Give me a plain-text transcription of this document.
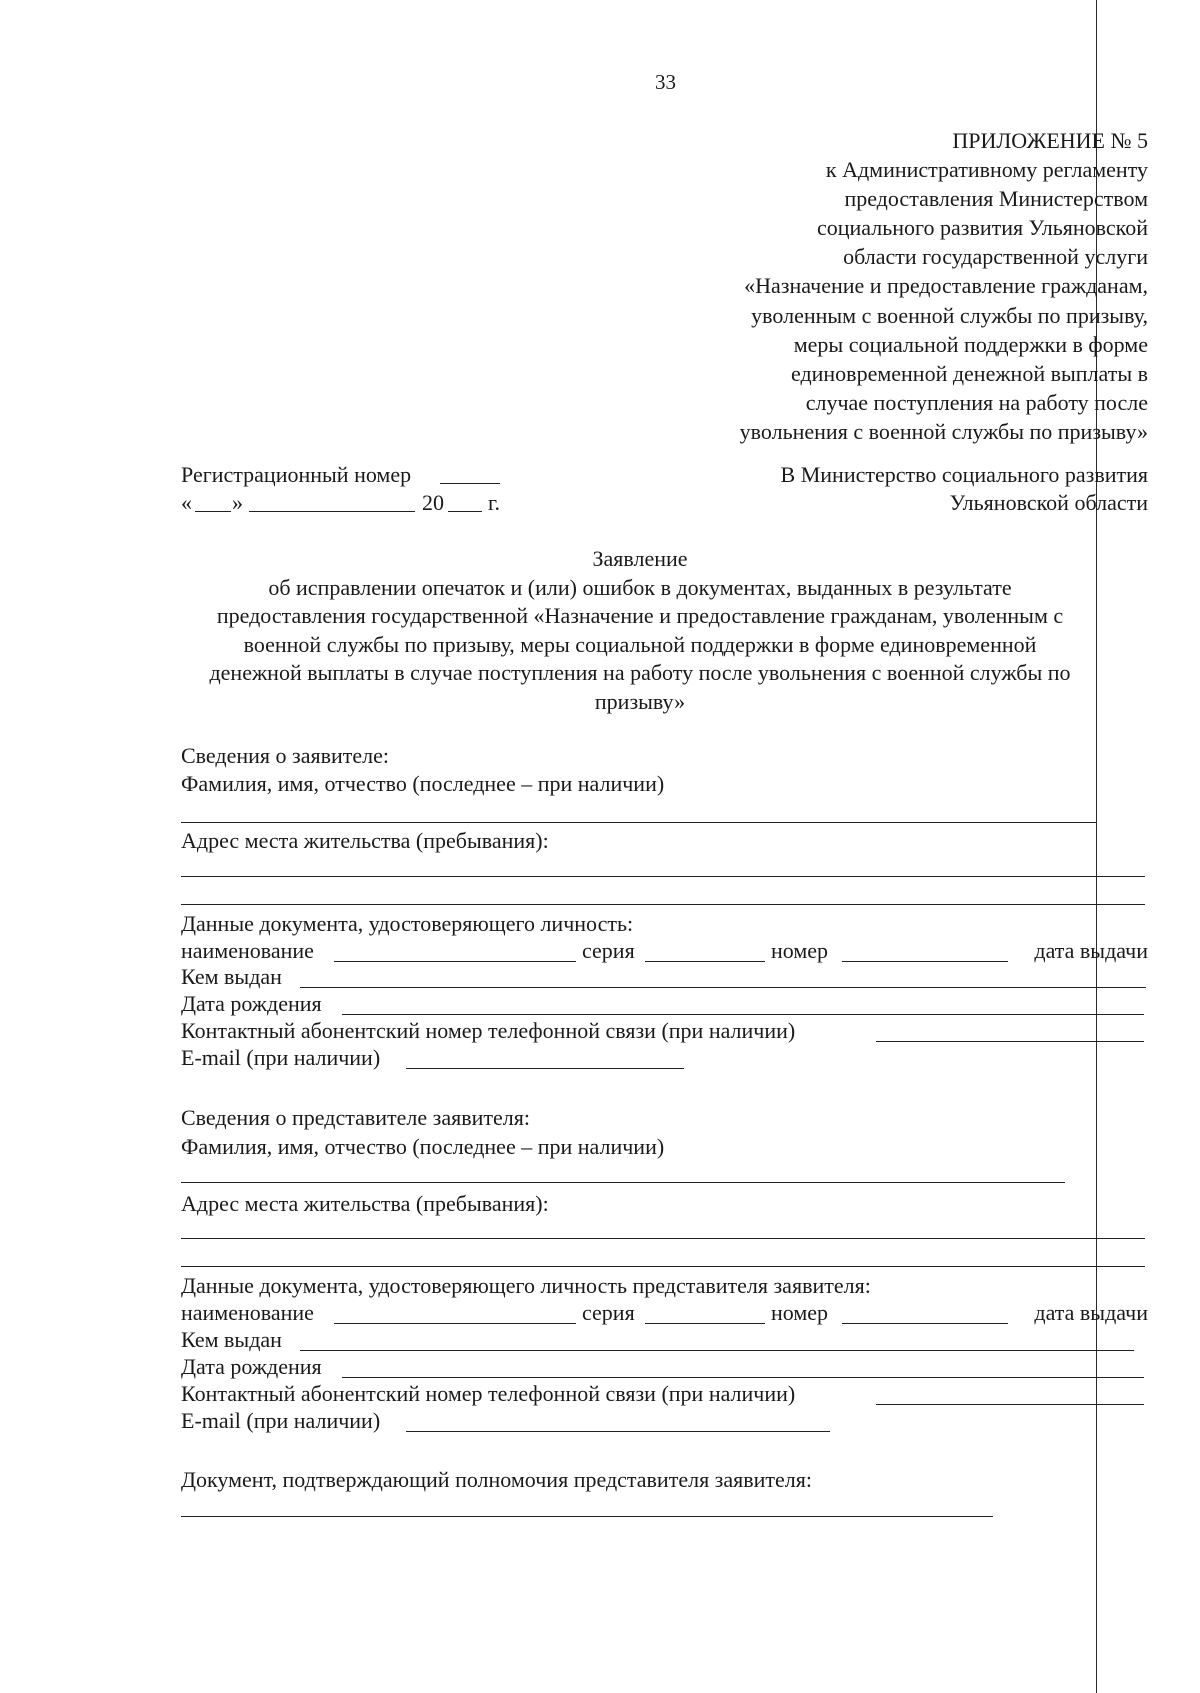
33
ПРИЛОЖЕНИЕ № 5
к Административному регламенту
предоставления Министерством
социального развития Ульяновской
области государственной услуги
«Назначение и предоставление гражданам,
уволенным с военной службы по призыву,
меры социальной поддержки в форме
единовременной денежной выплаты в
случае поступления на работу после
увольнения с военной службы по призыву»
Регистрационный номер
« »	20 г.
В Министерство социального развития
Ульяновской области
Заявление
об исправлении опечаток и (или) ошибок в документах, выданных в результате
предоставления государственной «Назначение и предоставление гражданам, уволенным с
военной службы по призыву, меры социальной поддержки в форме единовременной
денежной выплаты в случае поступления на работу после увольнения с военной службы по
призыву»
Сведения о заявителе:
Фамилия, имя, отчество (последнее – при наличии)
Адрес места жительства (пребывания):
Данные документа, удостоверяющего личность:
наименование	серия	номер	дата выдачи
Кем выдан
Дата рождения
Контактный абонентский номер телефонной связи (при наличии)
E-mail (при наличии)
Сведения о представителе заявителя:
Фамилия, имя, отчество (последнее – при наличии)
Адрес места жительства (пребывания):
Данные документа, удостоверяющего личность представителя заявителя:
наименование	серия	номер	дата выдачи
Кем выдан
Дата рождения
Контактный абонентский номер телефонной связи (при наличии)
E-mail (при наличии)
Документ, подтверждающий полномочия представителя заявителя:
